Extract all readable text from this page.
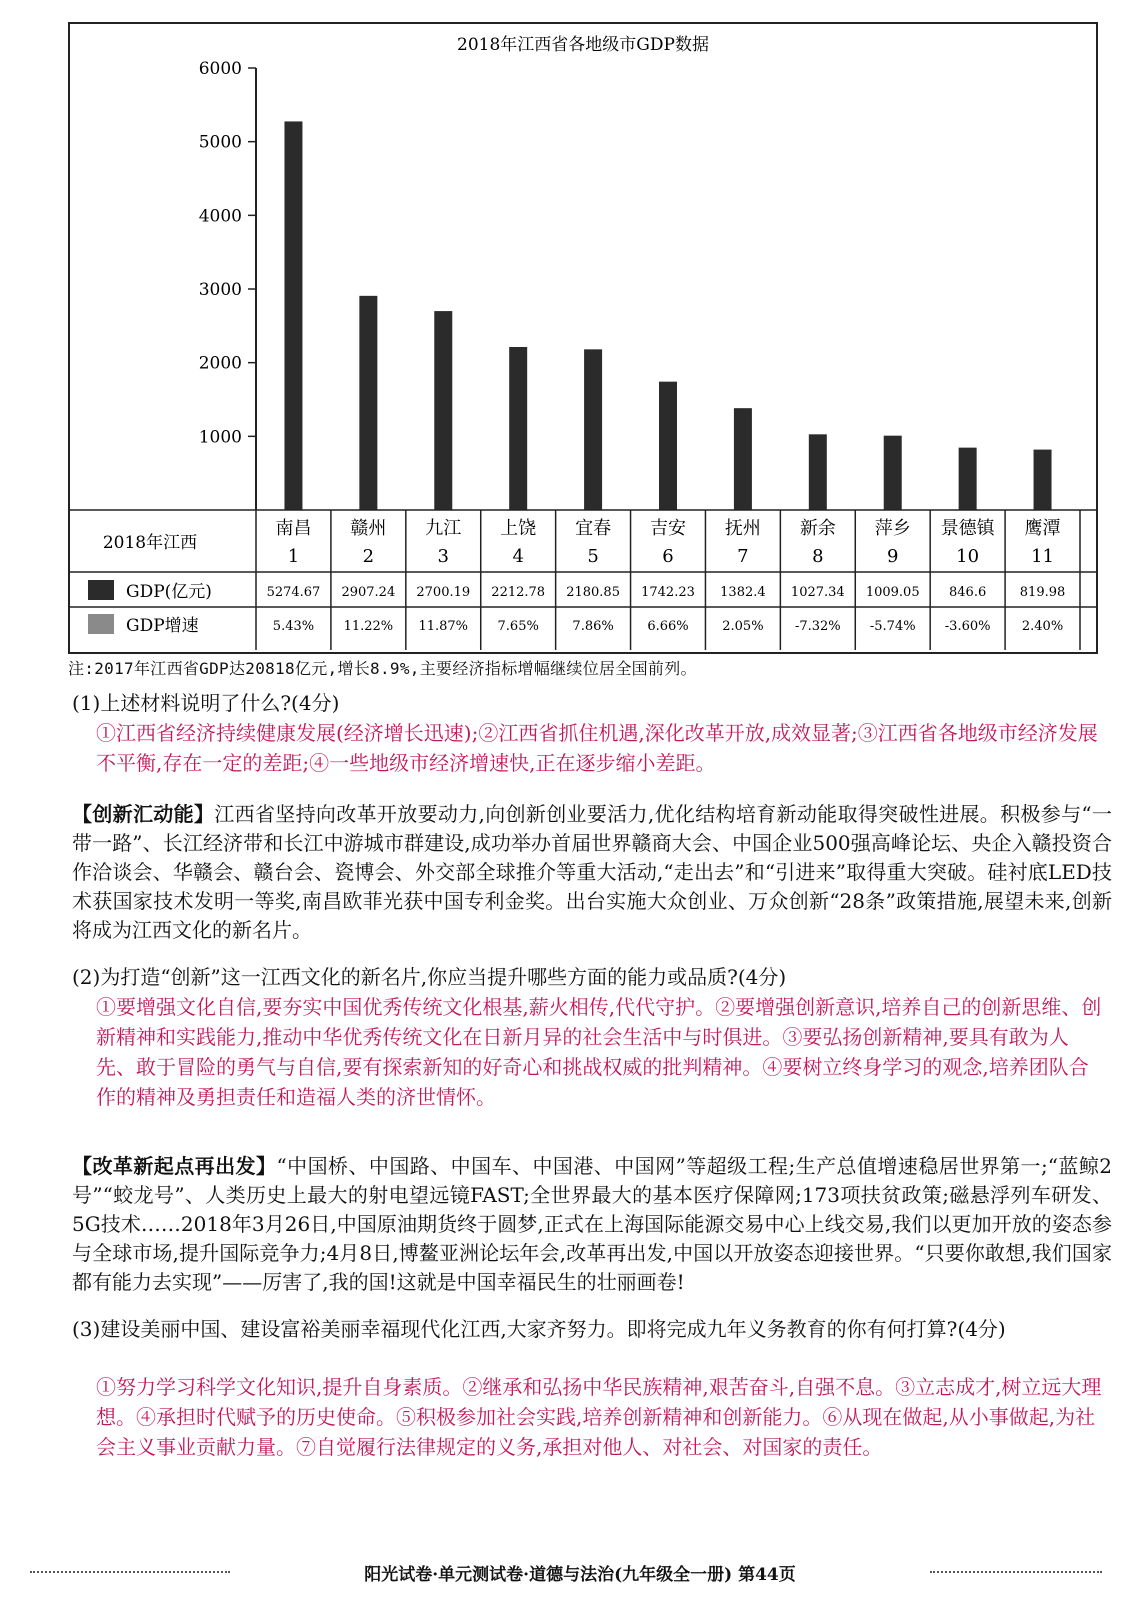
2018年江西省各地级市GDP数据
1000
2000
3000
4000
5000
6000
2018年江西
GDP(亿元)
GDP增速
南昌
1
5274.67
5.43%
赣州
2
2907.24
11.22%
九江
3
2700.19
11.87%
上饶
4
2212.78
7.65%
宜春
5
2180.85
7.86%
吉安
6
1742.23
6.66%
抚州
7
1382.4
2.05%
新余
8
1027.34
-7.32%
萍乡
9
1009.05
-5.74%
景德镇
10
846.6
-3.60%
鹰潭
11
819.98
2.40%
注:2017年江西省GDP达20818亿元,增长8.9%,主要经济指标增幅继续位居全国前列。
(1)上述材料说明了什么?(4分)
①江西省经济持续健康发展(经济增长迅速);②江西省抓住机遇,深化改革开放,成效显著;③江西省各地级市经济发展不平衡,存在一定的差距;④一些地级市经济增速快,正在逐步缩小差距。
【创新汇动能】江西省坚持向改革开放要动力,向创新创业要活力,优化结构培育新动能取得突破性进展。积极参与“一带一路”、长江经济带和长江中游城市群建设,成功举办首届世界赣商大会、中国企业500强高峰论坛、央企入赣投资合作洽谈会、华赣会、赣台会、瓷博会、外交部全球推介等重大活动,“走出去”和“引进来”取得重大突破。硅衬底LED技术获国家技术发明一等奖,南昌欧菲光获中国专利金奖。出台实施大众创业、万众创新“28条”政策措施,展望未来,创新将成为江西文化的新名片。
(2)为打造“创新”这一江西文化的新名片,你应当提升哪些方面的能力或品质?(4分)
①要增强文化自信,要夯实中国优秀传统文化根基,薪火相传,代代守护。②要增强创新意识,培养自己的创新思维、创新精神和实践能力,推动中华优秀传统文化在日新月异的社会生活中与时俱进。③要弘扬创新精神,要具有敢为人先、敢于冒险的勇气与自信,要有探索新知的好奇心和挑战权威的批判精神。④要树立终身学习的观念,培养团队合作的精神及勇担责任和造福人类的济世情怀。
【改革新起点再出发】“中国桥、中国路、中国车、中国港、中国网”等超级工程;生产总值增速稳居世界第一;“蓝鲸2号”“蛟龙号”、人类历史上最大的射电望远镜FAST;全世界最大的基本医疗保障网;173项扶贫政策;磁悬浮列车研发、5G技术……2018年3月26日,中国原油期货终于圆梦,正式在上海国际能源交易中心上线交易,我们以更加开放的姿态参与全球市场,提升国际竞争力;4月8日,博鳌亚洲论坛年会,改革再出发,中国以开放姿态迎接世界。“只要你敢想,我们国家都有能力去实现”——厉害了,我的国!这就是中国幸福民生的壮丽画卷!
(3)建设美丽中国、建设富裕美丽幸福现代化江西,大家齐努力。即将完成九年义务教育的你有何打算?(4分)
①努力学习科学文化知识,提升自身素质。②继承和弘扬中华民族精神,艰苦奋斗,自强不息。③立志成才,树立远大理想。④承担时代赋予的历史使命。⑤积极参加社会实践,培养创新精神和创新能力。⑥从现在做起,从小事做起,为社会主义事业贡献力量。⑦自觉履行法律规定的义务,承担对他人、对社会、对国家的责任。
阳光试卷·单元测试卷·道德与法治(九年级全一册) 第44页
